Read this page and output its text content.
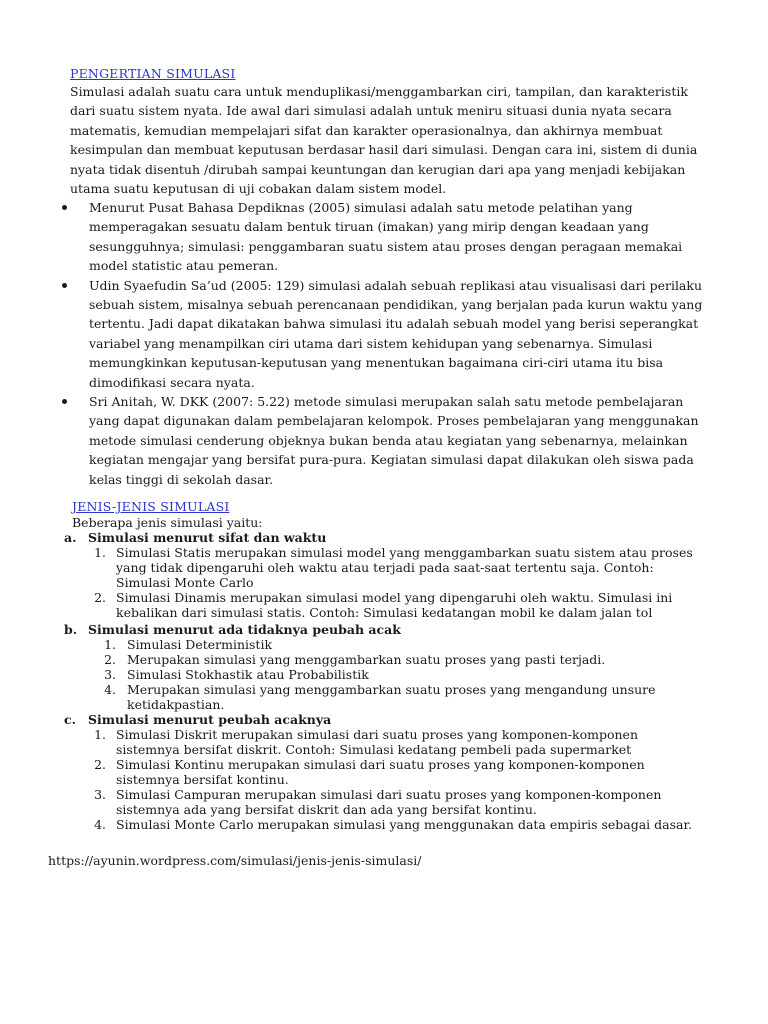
PENGERTIAN SIMULASI

Simulasi adalah suatu cara untuk menduplikasi/menggambarkan ciri, tampilan, dan karakteristik dari suatu sistem nyata. Ide awal dari simulasi adalah untuk meniru situasi dunia nyata secara matematis, kemudian mempelajari sifat dan karakter operasionalnya, dan akhirnya membuat kesimpulan dan membuat keputusan berdasar hasil dari simulasi. Dengan cara ini, sistem di dunia nyata tidak disentuh /dirubah sampai keuntungan dan kerugian dari apa yang menjadi kebijakan utama suatu keputusan di uji cobakan dalam sistem model.

Menurut Pusat Bahasa Depdiknas (2005) simulasi adalah satu metode pelatihan yang memperagakan sesuatu dalam bentuk tiruan (imakan) yang mirip dengan keadaan yang sesungguhnya; simulasi: penggambaran suatu sistem atau proses dengan peragaan memakai model statistic atau pemeran.
Udin Syaefudin Sa’ud (2005: 129) simulasi adalah sebuah replikasi atau visualisasi dari perilaku sebuah sistem, misalnya sebuah perencanaan pendidikan, yang berjalan pada kurun waktu yang tertentu. Jadi dapat dikatakan bahwa simulasi itu adalah sebuah model yang berisi seperangkat variabel yang menampilkan ciri utama dari sistem kehidupan yang sebenarnya. Simulasi memungkinkan keputusan-keputusan yang menentukan bagaimana ciri-ciri utama itu bisa dimodifikasi secara nyata.
Sri Anitah, W. DKK (2007: 5.22) metode simulasi merupakan salah satu metode pembelajaran yang dapat digunakan dalam pembelajaran kelompok. Proses pembelajaran yang menggunakan metode simulasi cenderung objeknya bukan benda atau kegiatan yang sebenarnya, melainkan kegiatan mengajar yang bersifat pura-pura. Kegiatan simulasi dapat dilakukan oleh siswa pada kelas tinggi di sekolah dasar.
JENIS-JENIS SIMULASI
Beberapa jenis simulasi yaitu:
a. Simulasi menurut sifat dan waktu
1. Simulasi Statis merupakan simulasi model yang menggambarkan suatu sistem atau proses
yang tidak dipengaruhi oleh waktu atau terjadi pada saat-saat tertentu saja. Contoh:
Simulasi Monte Carlo
2. Simulasi Dinamis merupakan simulasi model yang dipengaruhi oleh waktu. Simulasi ini
kebalikan dari simulasi statis. Contoh: Simulasi kedatangan mobil ke dalam jalan tol
b. Simulasi menurut ada tidaknya peubah acak
1. Simulasi Deterministik
2. Merupakan simulasi yang menggambarkan suatu proses yang pasti terjadi.
3. Simulasi Stokhastik atau Probabilistik
4. Merupakan simulasi yang menggambarkan suatu proses yang mengandung unsure
ketidakpastian.
c. Simulasi menurut peubah acaknya
1. Simulasi Diskrit merupakan simulasi dari suatu proses yang komponen-komponen
sistemnya bersifat diskrit. Contoh: Simulasi kedatang pembeli pada supermarket
2. Simulasi Kontinu merupakan simulasi dari suatu proses yang komponen-komponen
sistemnya bersifat kontinu.
3. Simulasi Campuran merupakan simulasi dari suatu proses yang komponen-komponen
sistemnya ada yang bersifat diskrit dan ada yang bersifat kontinu.
4. Simulasi Monte Carlo merupakan simulasi yang menggunakan data empiris sebagai dasar.
https://ayunin.wordpress.com/simulasi/jenis-jenis-simulasi/
